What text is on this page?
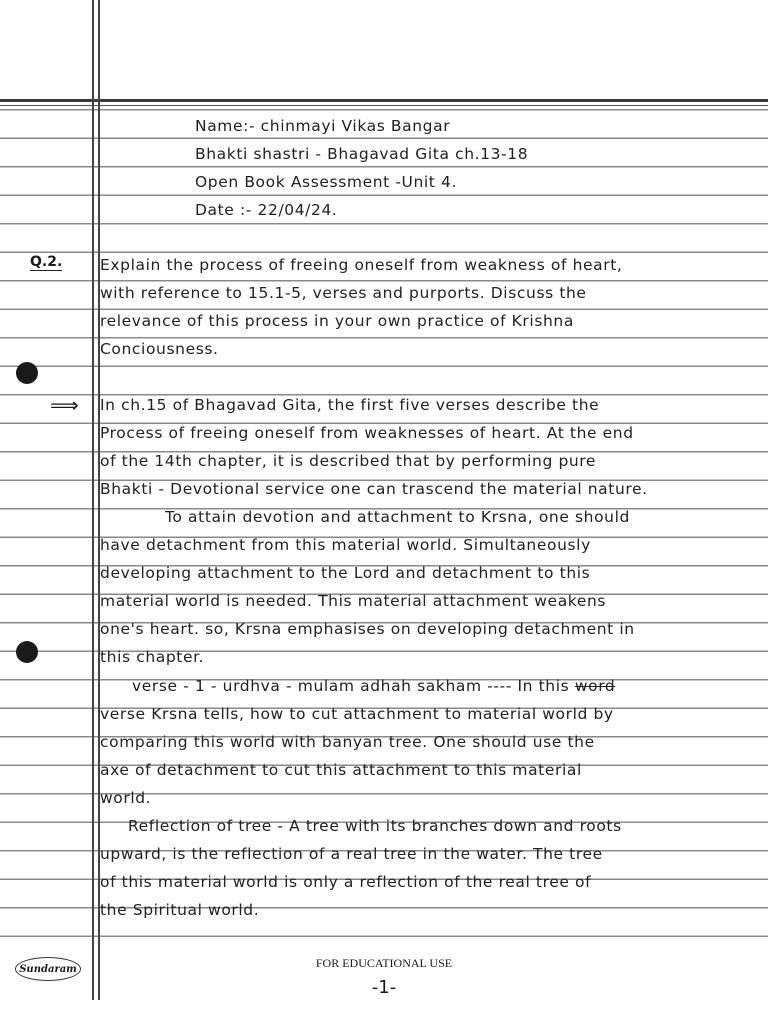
Name:- chinmayi Vikas Bangar
Bhakti shastri - Bhagavad Gita ch.13-18
Open Book Assessment -Unit 4.
Date :- 22/04/24.
Q.2. Explain the process of freeing oneself from weakness of heart,
with reference to 15.1-5, verses and purports. Discuss the
relevance of this process in your own practice of Krishna
Conciousness.
⟹ In ch.15 of Bhagavad Gita, the first five verses describe the
Process of freeing oneself from weaknesses of heart. At the end
of the 14th chapter, it is described that by performing pure
Bhakti - Devotional service one can trascend the material nature.
To attain devotion and attachment to Krsna, one should
have detachment from this material world. Simultaneously
developing attachment to the Lord and detachment to this
material world is needed. This material attachment weakens
one's heart. so, Krsna emphasises on developing detachment in
this chapter.
verse - 1 - urdhva - mulam adhah sakham ---- In this word
verse Krsna tells, how to cut attachment to material world by
comparing this world with banyan tree. One should use the
axe of detachment to cut this attachment to this material
world.
Reflection of tree - A tree with its branches down and roots
upward, is the reflection of a real tree in the water. The tree
of this material world is only a reflection of the real tree of
the Spiritual world.
Sundaram	FOR EDUCATIONAL USE
-1-
